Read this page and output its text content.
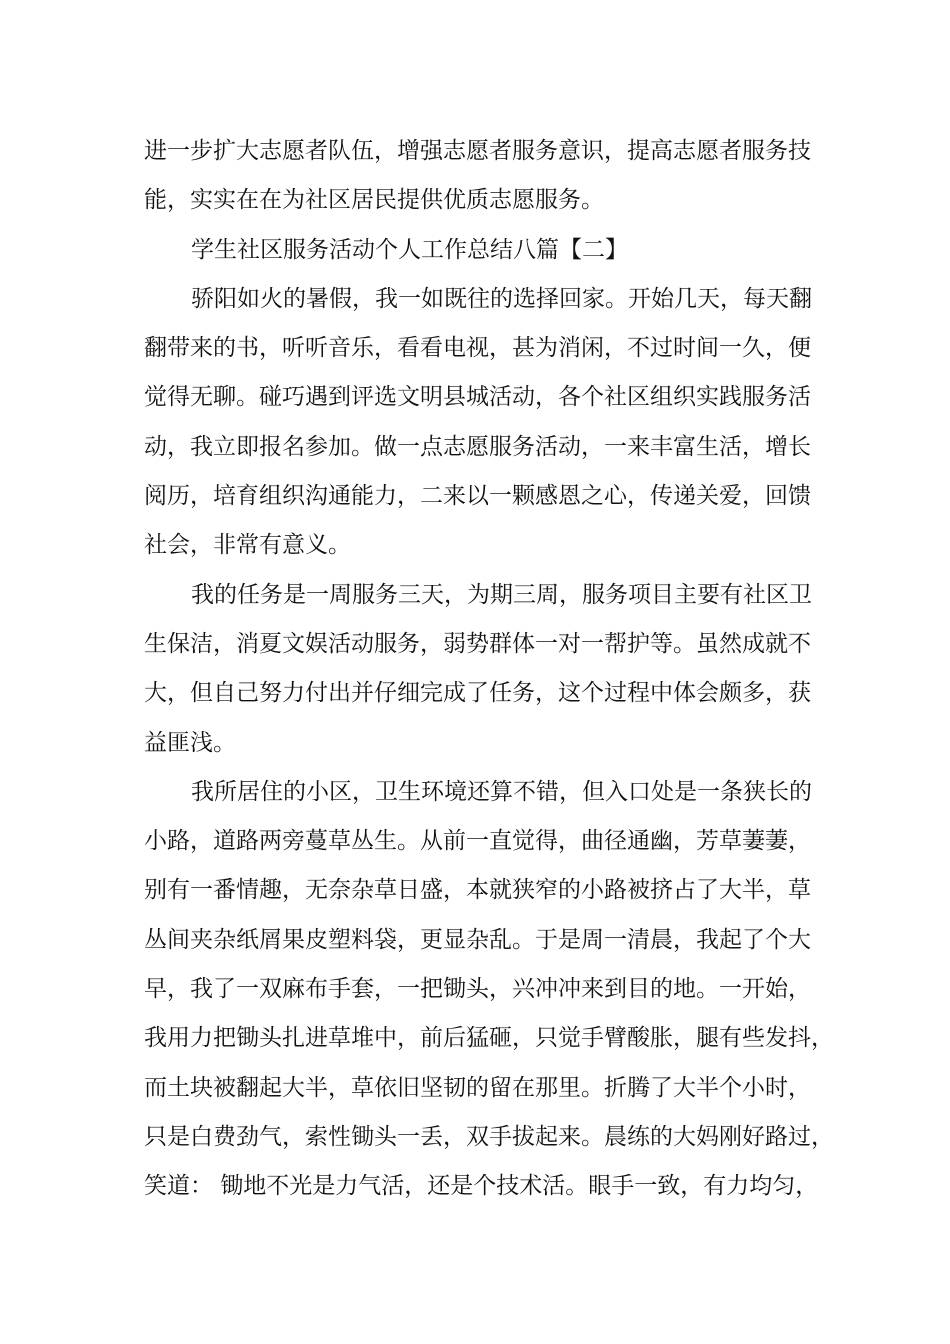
进一步扩大志愿者队伍，增强志愿者服务意识，提高志愿者服务技
能，实实在在为社区居民提供优质志愿服务。

学生社区服务活动个人工作总结八篇【二】

骄阳如火的暑假，我一如既往的选择回家。开始几天，每天翻
翻带来的书，听听音乐，看看电视，甚为消闲，不过时间一久，便
觉得无聊。碰巧遇到评选文明县城活动，各个社区组织实践服务活
动，我立即报名参加。做一点志愿服务活动，一来丰富生活，增长
阅历，培育组织沟通能力，二来以一颗感恩之心，传递关爱，回馈
社会，非常有意义。

我的任务是一周服务三天，为期三周，服务项目主要有社区卫
生保洁，消夏文娱活动服务，弱势群体一对一帮护等。虽然成就不
大，但自己努力付出并仔细完成了任务，这个过程中体会颇多，获
益匪浅。

我所居住的小区，卫生环境还算不错，但入口处是一条狭长的
小路，道路两旁蔓草丛生。从前一直觉得，曲径通幽，芳草萋萋，
别有一番情趣，无奈杂草日盛，本就狭窄的小路被挤占了大半，草
丛间夹杂纸屑果皮塑料袋，更显杂乱。于是周一清晨，我起了个大
早，我了一双麻布手套，一把锄头，兴冲冲来到目的地。一开始，
我用力把锄头扎进草堆中，前后猛砸，只觉手臂酸胀，腿有些发抖，
而土块被翻起大半，草依旧坚韧的留在那里。折腾了大半个小时，
只是白费劲气，索性锄头一丢，双手拔起来。晨练的大妈刚好路过，
笑道： 锄地不光是力气活，还是个技术活。眼手一致，有力均匀，
